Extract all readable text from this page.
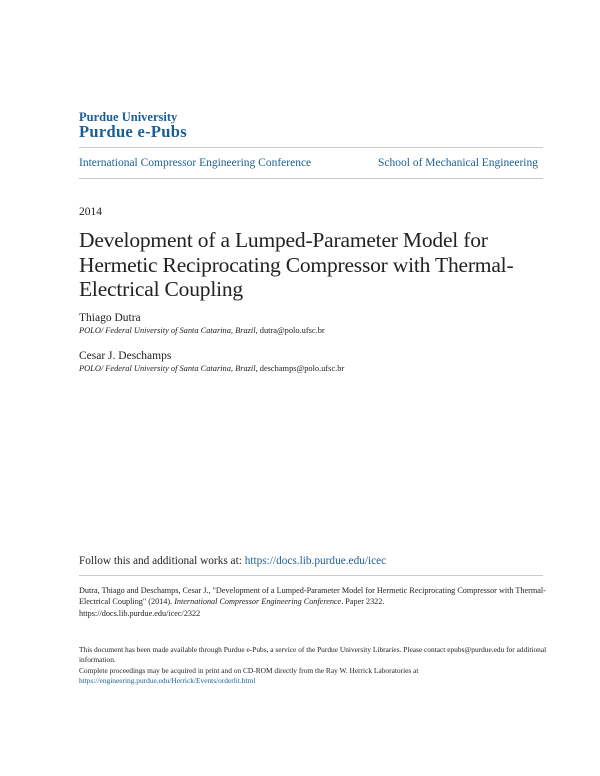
Purdue University
Purdue e-Pubs
International Compressor Engineering Conference	School of Mechanical Engineering
2014
Development of a Lumped-Parameter Model for Hermetic Reciprocating Compressor with Thermal-Electrical Coupling
Thiago Dutra
POLO/ Federal University of Santa Catarina, Brazil, dutra@polo.ufsc.br
Cesar J. Deschamps
POLO/ Federal University of Santa Catarina, Brazil, deschamps@polo.ufsc.br
Follow this and additional works at: https://docs.lib.purdue.edu/icec
Dutra, Thiago and Deschamps, Cesar J., "Development of a Lumped-Parameter Model for Hermetic Reciprocating Compressor with Thermal-Electrical Coupling" (2014). International Compressor Engineering Conference. Paper 2322.
https://docs.lib.purdue.edu/icec/2322
This document has been made available through Purdue e-Pubs, a service of the Purdue University Libraries. Please contact epubs@purdue.edu for additional information.
Complete proceedings may be acquired in print and on CD-ROM directly from the Ray W. Herrick Laboratories at https://engineering.purdue.edu/Herrick/Events/orderlit.html
